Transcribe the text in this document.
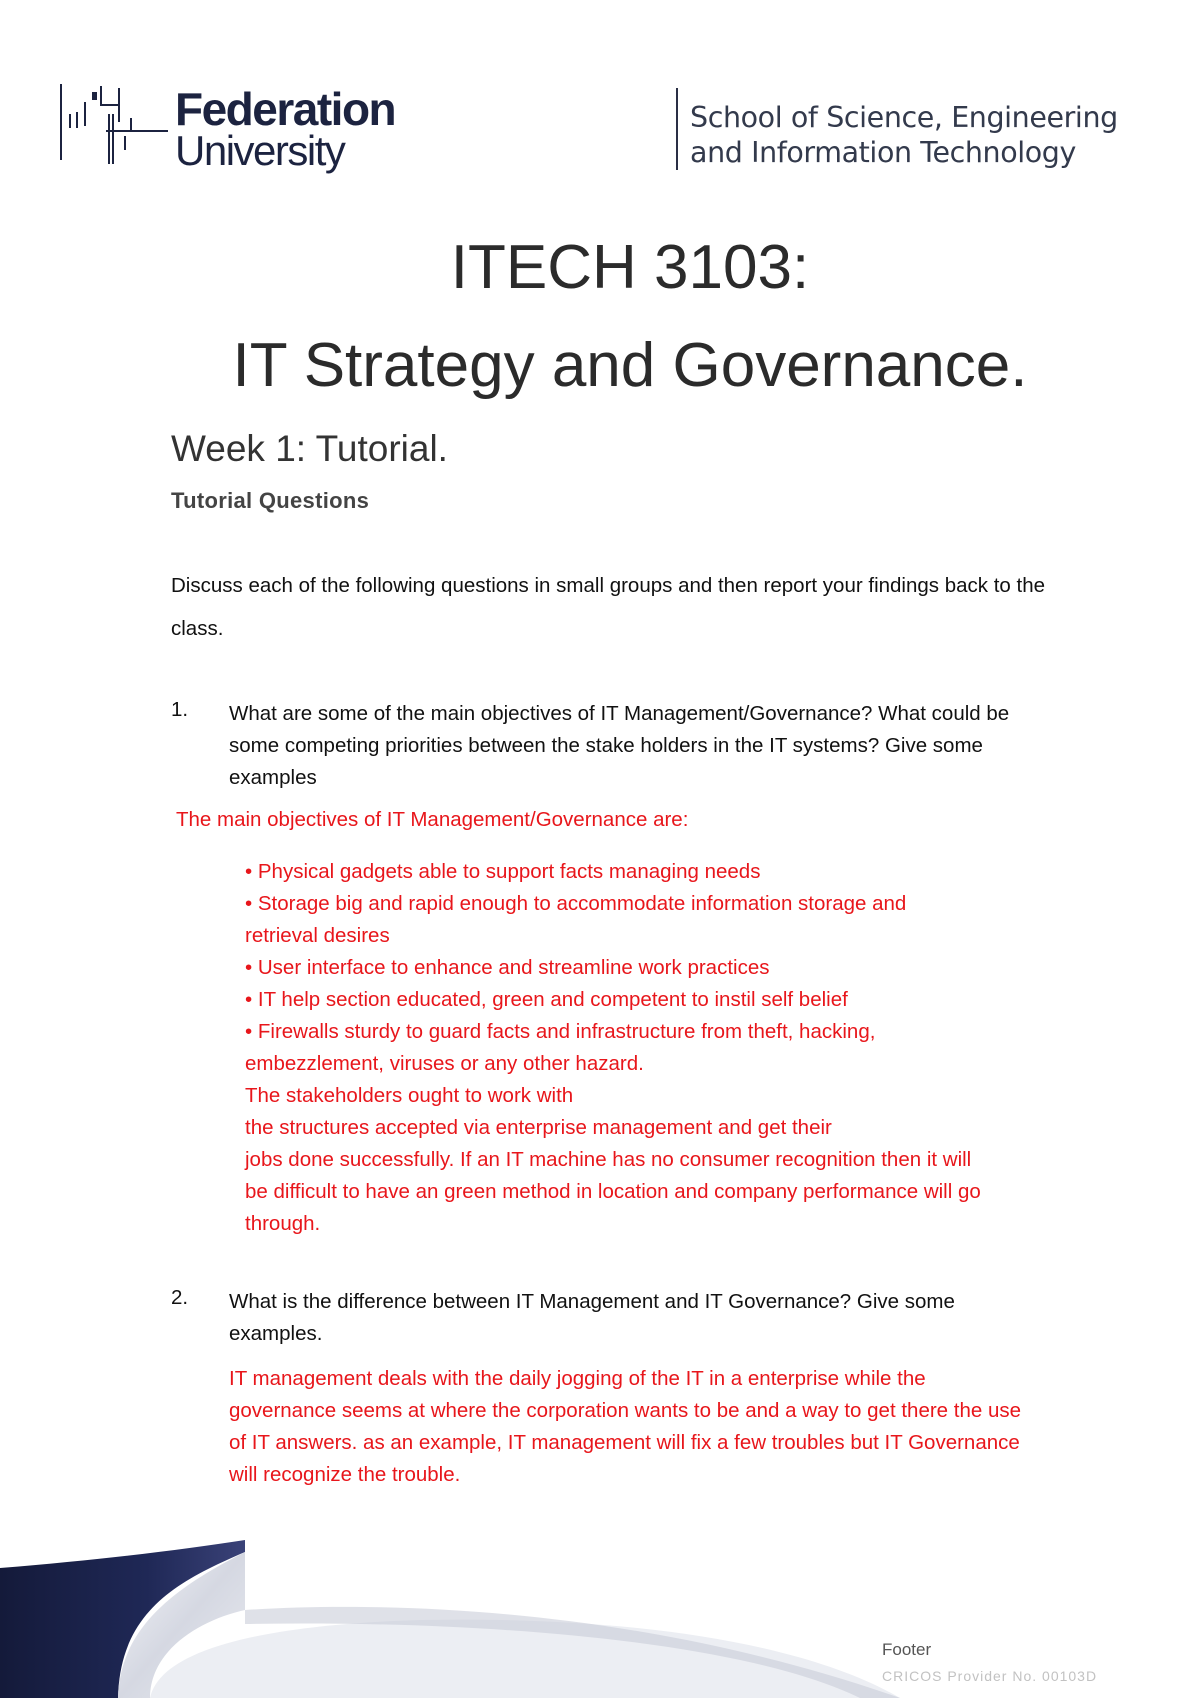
Federation
University
School of Science, Engineering
and Information Technology
ITECH 3103:
IT Strategy and Governance.
Week 1: Tutorial.
Tutorial Questions
Discuss each of the following questions in small groups and then report your findings back to the class.
1. What are some of the main objectives of IT Management/Governance? What could be
some competing priorities between the stake holders in the IT systems? Give some
examples
The main objectives of IT Management/Governance are:
• Physical gadgets able to support facts managing needs
• Storage big and rapid enough to accommodate information storage and
retrieval desires
• User interface to enhance and streamline work practices
• IT help section educated, green and competent to instil self belief
• Firewalls sturdy to guard facts and infrastructure from theft, hacking,
embezzlement, viruses or any other hazard.
The stakeholders ought to work with
the structures accepted via enterprise management and get their
jobs done successfully. If an IT machine has no consumer recognition then it will
be difficult to have an green method in location and company performance will go
through.
2. What is the difference between IT Management and IT Governance? Give some
examples.
IT management deals with the daily jogging of the IT in a enterprise while the
governance seems at where the corporation wants to be and a way to get there the use
of IT answers. as an example, IT management will fix a few troubles but IT Governance
will recognize the trouble.
Footer
CRICOS Provider No. 00103D
